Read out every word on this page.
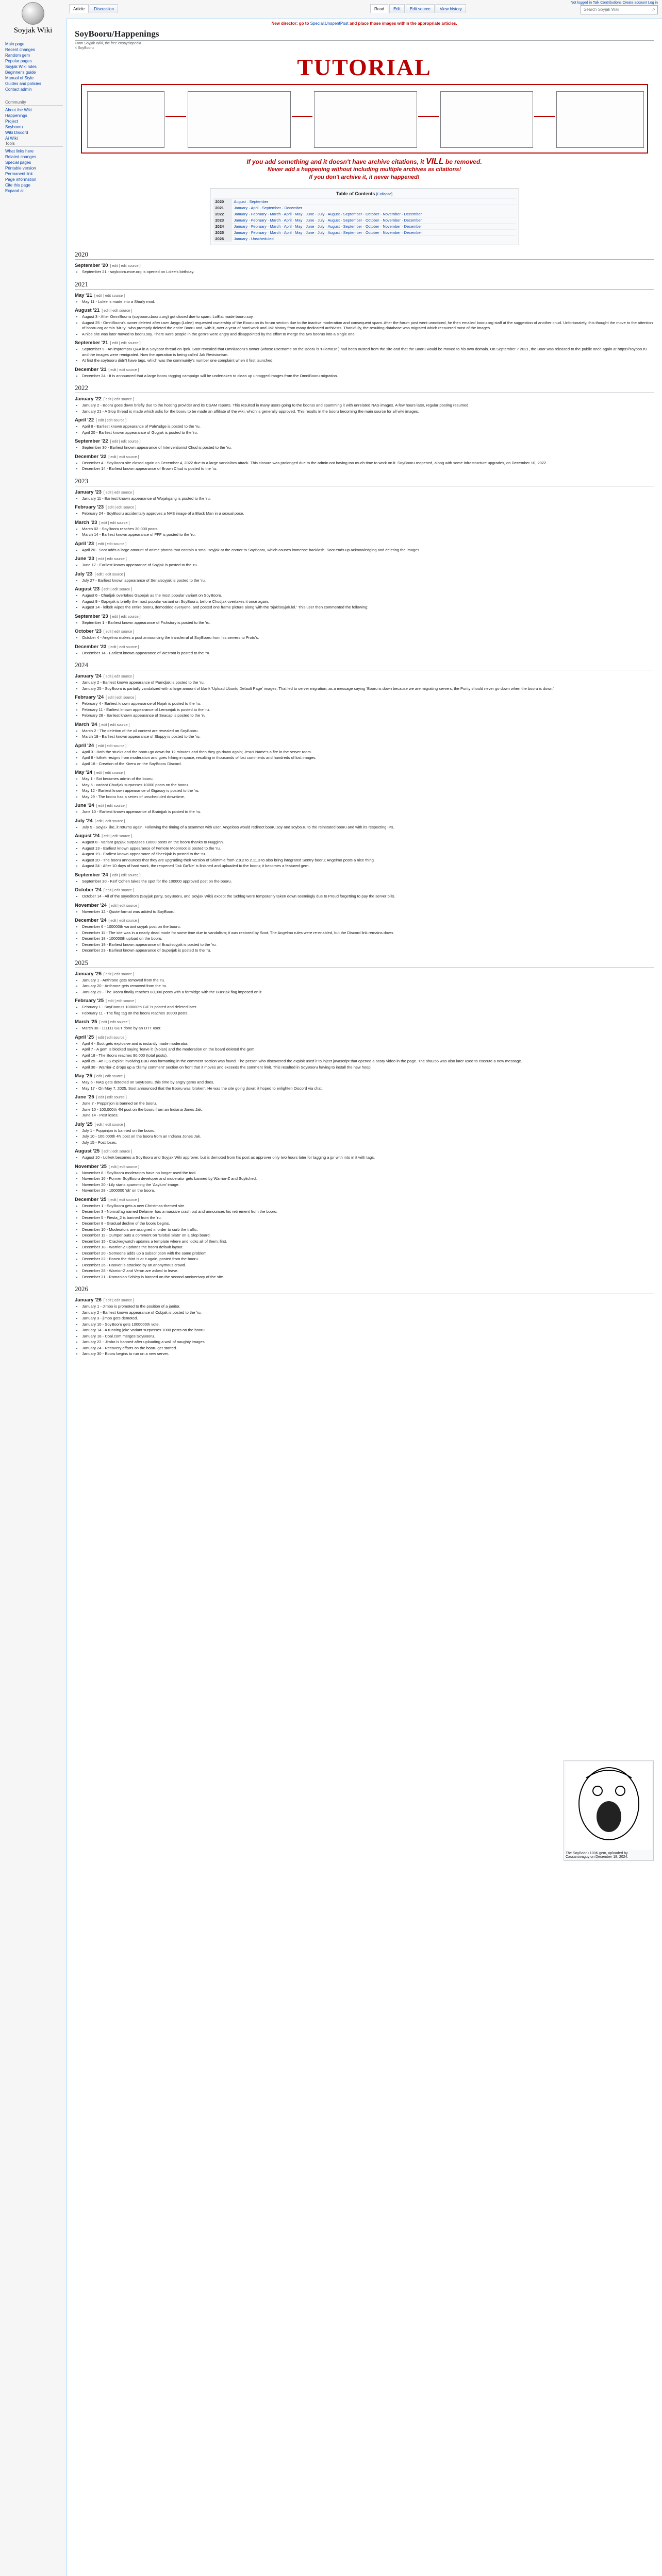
Soyjak Wiki
Main page
Recent changes
Random gem
Popular pages
Soyjak Wiki rules
Beginner's guide
Manual of Style
Guides and policies
Contact admin
Community
About the Wiki
Happenings
Project
Soybooru
Wiki Discord
Ai Wiki
Tools
What links here
Related changes
Special pages
Printable version
Permanent link
Page information
Cite this page
Expand all
Not logged in Talk Contributions Create account Log in
Article	Discussion	Read	Edit	Edit source	View history	Search Soyjak Wiki	⌕
New director: go to Special:UnspentPost and place those images within the appropriate articles.
SoyBooru/Happenings
From Soyjak Wiki, the free ensoyclopedia
< SoyBooru
TUTORIAL
If you add something and it doesn't have archive citations, it VILL be removed.
Never add a happening without including multiple archives as citations!
If you don't archive it, it never happened!
Table of Contents [Collapse]
2020	August · September
2021	January · April · September · December
2022	January · February · March · April · May · June · July · August · September · October · November · December
2023	January · February · March · April · May · June · July · August · September · October · November · December
2024	January · February · March · April · May · June · July · August · September · October · November · December
2025	January · February · March · April · May · June · July · August · September · October · November · December
2026	January · Unscheduled
2020
September '20 [ edit | edit source ]
• September 21 - soybooru.moe.org is opened on Lolee's birthday.
2021
May '21 [ edit | edit source ]
• May 11 - Lolee is made into a Shurly mod.
August '21 [ edit | edit source ]
• August 3 - After OmniBoorru (soybooru.booru.org) got closed due to spam, LolKat made booru.soy.
• August 25 - OmniBooru's owner deleted after user Jaygo (Lolee) requested ownership of the Booru on its forum section due to the inactive moderation and consequent spam. After the forum post went unnoticed, he then emailed booru.org staff at the suggestion of another chud. Unfortunately, this thought the move to the attention of booru.org admin 'Mr-ty'. who promptly deleted the entire Booru and, with it, over a year of hard work and Jak history from many dedicated archivists. Thankfully, the resulting database was migrated which recovered most of the images.
• A nice site was later moved to booru.soy. There were people in the gem's were angry and disappointed by the effort to merge the two boorus into a single one.
September '21 [ edit | edit source ]
• September 9 - An impromptu Q&A in a Soyboot thread on /pol/. Soot revealed that OmniBooru's owner (whose username on the Booru is 'Hilomo1n') had been ousted from the site and that the Booru would be moved to his own domain. On September 7 2021, the Boor was released to the public once again at https://soyboo.ru and the images were remigrated. Now the operation is being called Jak Revisionism.
• At first the soybooru didn't have tags, which was the community's number one complaint when it first launched.
December '21 [ edit | edit source ]
• December 24 - It is announced that a large booru tagging campaign will be undertaken to clean up untagged images from the OmniBooru migration.
2022
January '22 [ edit | edit source ]
• January 2 - Booru goes down briefly due to the hosting provider and its CSAM reports. This resulted in many users going to the boorus and spamming it with unrelated NAS images. A few hours later, regular posting resumed.
• January 21 - A Slop thread is made which asks for the booru to be made an affiliate of the wiki, which is generally approved. This results in the booru becoming the main source for all wiki images.
April '22 [ edit | edit source ]
• April 8 - Earliest known appearance of Pale'udge is posted to the 'ru.
• April 20 - Earliest known appearance of Gogjak is posted to the 'ru.
September '22 [ edit | edit source ]
• September 30 - Earliest known appearance of Interventionist Chud is posted to the 'ru.
December '22 [ edit | edit source ]
• December 4 - SoyBooru site closed again on December 4, 2022 due to a large vandalism attack. This closure was prolonged due to the admin not having too much time to work on it. SoyBooru reopened, along with some infrastructure upgrades, on December 10, 2022.
• December 14 - Earliest known appearance of Brown Chud is posted to the 'ru.
2023
January '23 [ edit | edit source ]
• January 11 - Earliest known appearance of Wojakgang is posted to the 'ru.
February '23 [ edit | edit source ]
• February 24 - SoyBooru accidentally approves a NAS image of a Black Man in a sexual pose.
March '23 [ edit | edit source ]
• March 02 - SoyBooru reaches 30,000 posts.
• March 14 - Earliest known appearance of FFF is posted to the 'ru.
April '23 [ edit | edit source ]
• April 20 - Soot adds a large amount of anime photos that contain a small soyjak at the corner to SoyBooru, which causes immense backlash. Soot ends up acknowledging and deleting the images.
June '23 [ edit | edit source ]
• June 17 - Earliest known appearance of Soyjak is posted to the 'ru.
July '23 [ edit | edit source ]
• July 27 - Earliest known appearance of Serialsoyjak is posted to the 'ru.
August '23 [ edit | edit source ]
• August 6 - Chudjak overtakes Gapejak as the most popular variant on SoyBooru.
• August 9 - Gapejak is briefly the most popular variant on SoyBooru, before Chudjak overtakes it once again.
• August 14 - lolkek wipes the entire booru, demodded everyone, and posted one frame picture along with the 'ojak/soyjak.lol.' This user then commented the following:
September '23 [ edit | edit source ]
• September 1 - Earliest known appearance of Fishstory is posted to the 'ru.
October '23 [ edit | edit source ]
• October 4 - Angelmo makes a post announcing the transferral of SoyBooru from his servers to Proto's.
December '23 [ edit | edit source ]
• December 14 - Earliest known appearance of Wesroot is posted to the 'ru.
2024
January '24 [ edit | edit source ]
• January 2 - Earliest known appearance of Pumdjak is posted to the 'ru.
• January 25 - SoyBooru is partially vandalized with a large amount of blank 'Upload Ubuntu Default Page' images. That led to server migration, as a message saying 'Booru is down because we are migrating servers. the Purity should never go down when the booru is down.'
February '24 [ edit | edit source ]
• February 4 - Earliest known appearance of Nojak is posted to the 'ru.
• February 11 - Earliest known appearance of Lemonjak is posted to the 'ru.
• February 28 - Earliest known appearance of Seacap is posted to the 'ru.
March '24 [ edit | edit source ]
• March 2 - The deletion of the oil content are revealed on SoyBooru.
• March 19 - Earliest known appearance of Sloppy is posted to the 'ru.
April '24 [ edit | edit source ]
• April 3 - Both the stucks and the booru go down for 12 minutes and then they go down again; Jesus Name's a fire in the server room.
• April 8 - lolkek resigns from moderation and goes hiking in space, resulting in thousands of lost comments and hundreds of lost images.
• April 18 - Creation of the Kireru on the SoyBooru Discord.
May '24 [ edit | edit source ]
• May 1 - Soi becomes admin of the booru.
• May 5 - variant Chudjak surpasses 10000 posts on the booru.
• May 12 - Earliest known appearance of Gigasoy is posted to the 'ru.
• May 29 - The booru has a series of unscheduled downtime.
June '24 [ edit | edit source ]
• June 10 - Earliest known appearance of Brainjjak is posted to the 'ru.
July '24 [ edit | edit source ]
• July 5 - Soyjak like, it returns again. Following the timing of a scammer with user. Angeloso would redirect booru.soy and soybo.ru to the reinstated booru and with its respecting IPs.
August '24 [ edit | edit source ]
• August 8 - Variant gapjak surpasses 10000 posts on the booru thanks to Nugginn.
• August 13 - Earliest known appearance of Femote Moonroot is posted to the 'ru.
• August 19 - Earliest known appearance of Sheekjak is posted to the 'ru.
• August 20 - The booru announces that they are upgrading their version of Shimmie from 2.9.2 to 2.11.3 to also bring integrated Sentry booru; Angelmo posts a nice thing.
• August 24 - After 10 days of hard work, the reopened 'Jak Go'Ne' is finished and uploaded to the booru; it becomes a featured gem.
September '24 [ edit | edit source ]
• September 30 - Kerf Cohen takes the spot for the 100000 approved post on the booru.
October '24 [ edit | edit source ]
• October 14 - All of the soyeditors (Soyjak party, SoyBooru, and Soyjak Wiki) except the Schlog were temporarily taken down seemingly due to Proud forgetting to pay the server bills.
November '24 [ edit | edit source ]
• November 12 - Quote format was added to SoyBooru.
December '24 [ edit | edit source ]
• December 6 - 100000th variant soyjak post on the booru.
• December 11 - The site was in a nearly dead mode for some time due to vandalism; it was restored by Soot. The Angelmo rules were re-enabled, but the Discord link remains down.
• December 18 - 100000th upload on the booru.
• December 19 - Earliest known appearance of Brazilsoyjak is posted to the 'ru.
• December 23 - Earliest known appearance of Superjak is posted to the 'ru.
2025
January '25 [ edit | edit source ]
• January 1 - Anthrone gets removed from the 'ru.
• January 20 - Anthrone gets removed from the 'ru.
• January 29 - The Booru finally reaches 80,000 posts with a formidge with the Buzzjak flag imposed on it.
February '25 [ edit | edit source ]
• February 1 - SoyBooru's 100000th GIF is posted and deleted later.
• February 11 - The flag tag on the booru reaches 10000 posts.
March '25 [ edit | edit source ]
• March 30 - 111111 GET done by an OTT user.
April '25 [ edit | edit source ]
• April 4 - Soot gets explosive and is instantly made moderator.
• April 7 - A gem is blocked saying 'leave it' (Nolan) and the moderation on the board deleted the gem.
• April 18 - The Booru reaches 90,000 (total posts).
• April 25 - An IOS exploit involving BBB was formatting in the comment section was found. The person who discovered the exploit used it to inject javascript that opened a scary video in the page. The sha256 was also later used to execute a new message.
• April 30 - Warrior-Z drops up a 'dismy comment' section on front that it moves and exceeds the comment limit. This resulted in SoyBooru having to install the new hoop.
May '25 [ edit | edit source ]
• May 5 - NAS gets detected on SoyBooru, this time by angry gems and does.
• May 17 - On May 7, 2025, Soot announced that the Booru was 'broken'. He was the site going down; it hoped to enlighten Discord via chat.
June '25 [ edit | edit source ]
• June 7 - Poppinjon is banned on the booru.
• June 10 - 100,000th 4N post on the booru from an Indiana Jones Jak.
• June 14 - Post loses.
July '25 [ edit | edit source ]
• July 1 - Poppinjon is banned on the booru.
• July 10 - 100,000th 4N post on the booru from an Indiana Jones Jak.
• July 15 - Post loses.
August '25 [ edit | edit source ]
• August 10 - Lolkek becomes a SoyBooru and Soyjak Wiki approver, but is demoted from his post as approver only two hours later for tagging a jpr with into in it with tags.
November '25 [ edit | edit source ]
• November 8 - SoyBooru moderators have no longer used the tool.
• November 16 - Former SoyBooru developer and moderator gets banned by Warrior-Z and Soyliched.
• November 20 - Lily starts spamming the 'Asylum' image.
• November 28 - 1000000 'ok' on the booru.
December '25 [ edit | edit source ]
• December 1 - SoyBooru gets a new Christmas-themed site.
• December 3 - Normalfag named Delamer has a massive crash out and announces his retirement from the booru.
• December 5 - Fiesta_2 is banned from the 'ru.
• December 8 - Gradual decline of the booru begins.
• December 10 - Moderators are assigned in order to curb the traffic.
• December 11 - Dumper puts a comment on 'Global Slate' on a Slop board.
• December 15 - Crackiegwatch updates a template where and locks all of them; first.
• December 18 - Warrior-Z updates the booru default layout.
• December 20 - Someone adds up a subscription with the same problem.
• December 22 - Bonzo the third is at it again, posted from the booru.
• December 26 - Hoover is attacked by an anonymous crowd.
• December 28 - Warrior-Z and Veron are asked to leave.
• December 31 - Romanian Schlep is banned on the second anniversary of the site.
2026
January '26 [ edit | edit source ]
• January 1 - Jimbo is promoted to the position of a janitor.
• January 2 - Earliest known appearance of Cobjak is posted to the 'ru.
• January 3 - jimbo gets demoted.
• January 10 - SoyBooru gets 1000000th vote.
• January 14 - A running joke variant surpasses 1000 posts on the booru.
• January 18 - Coal.com merges SoyBooru.
• January 22 - Jimbo is banned after uploading a wall of naughty images.
• January 24 - Recovery efforts on the booru get started.
• January 30 - Booru begins to run on a new server.
The SoyBooru 100K gem, uploaded by Cassanovaguy on December 18, 2024.
